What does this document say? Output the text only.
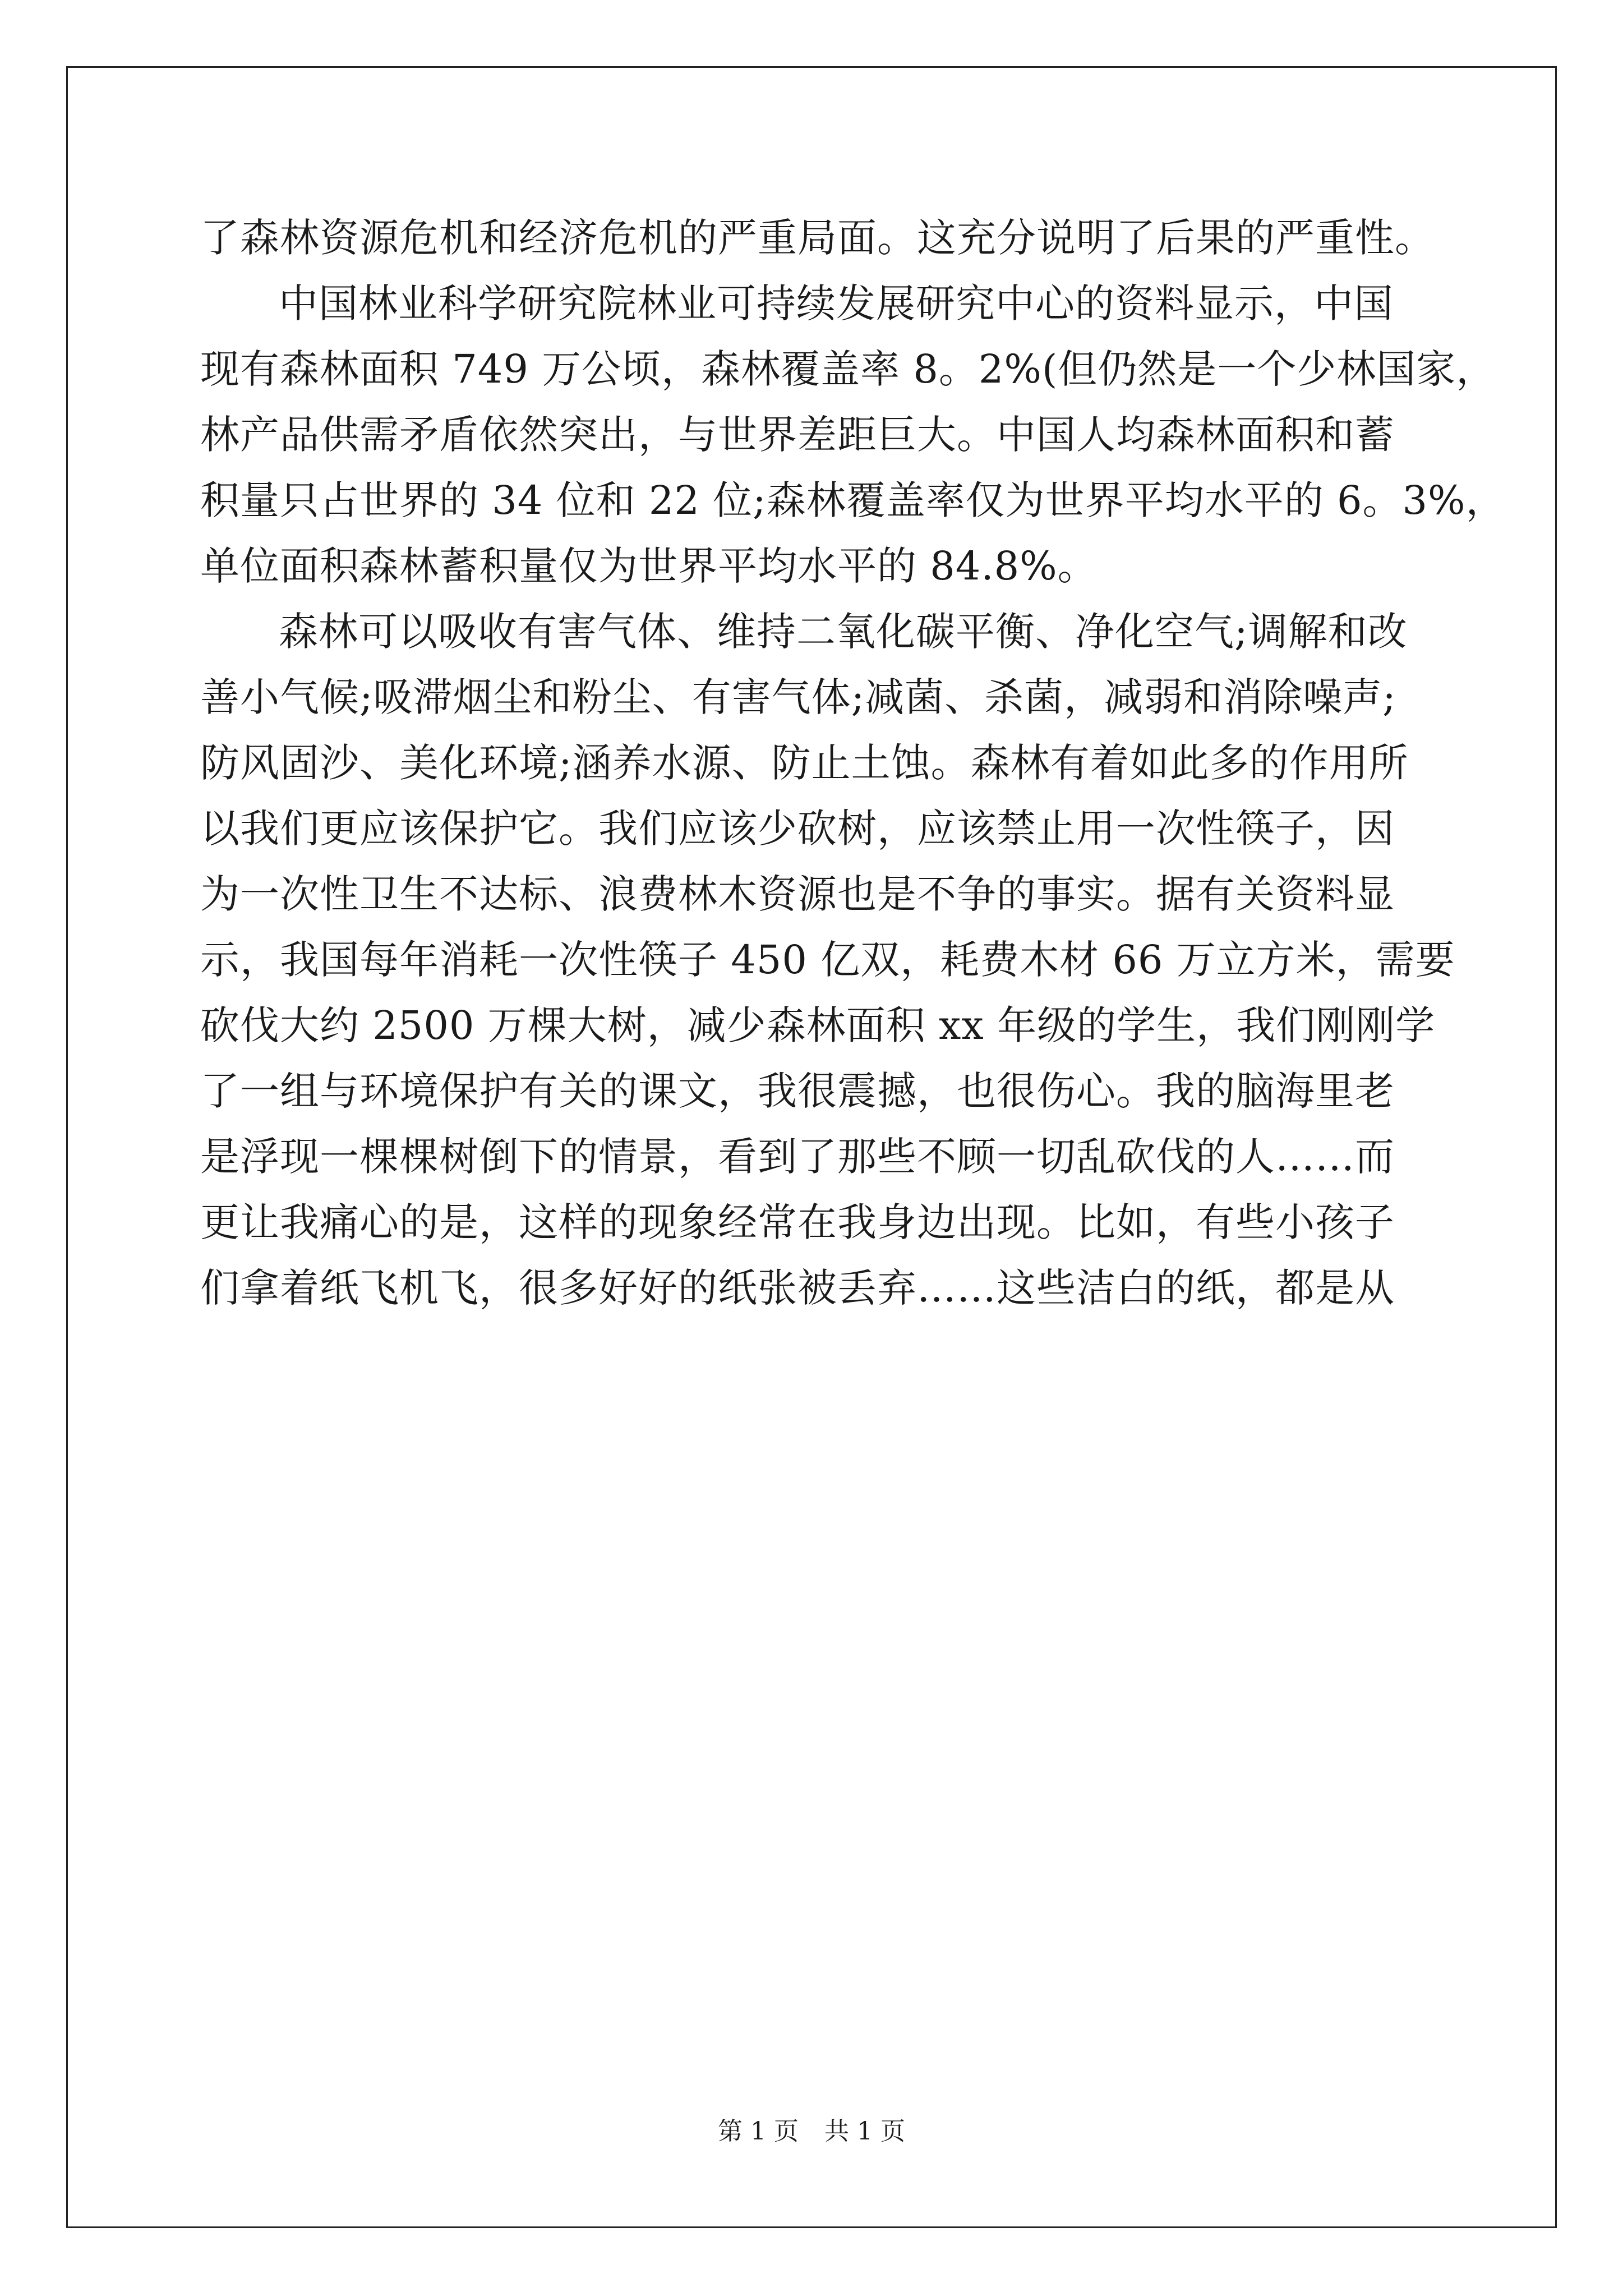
了森林资源危机和经济危机的严重局面。这充分说明了后果的严重性。
中国林业科学研究院林业可持续发展研究中心的资料显示，中国
现有森林面积 749 万公顷，森林覆盖率 8。2%(但仍然是一个少林国家，
林产品供需矛盾依然突出，与世界差距巨大。中国人均森林面积和蓄
积量只占世界的 34 位和 22 位;森林覆盖率仅为世界平均水平的 6。3%，
单位面积森林蓄积量仅为世界平均水平的 84.8%。
森林可以吸收有害气体、维持二氧化碳平衡、净化空气;调解和改
善小气候;吸滞烟尘和粉尘、有害气体;减菌、杀菌，减弱和消除噪声;
防风固沙、美化环境;涵养水源、防止土蚀。森林有着如此多的作用所
以我们更应该保护它。我们应该少砍树，应该禁止用一次性筷子，因
为一次性卫生不达标、浪费林木资源也是不争的事实。据有关资料显
示，我国每年消耗一次性筷子 450 亿双，耗费木材 66 万立方米，需要
砍伐大约 2500 万棵大树，减少森林面积 xx 年级的学生，我们刚刚学
了一组与环境保护有关的课文，我很震撼，也很伤心。我的脑海里老
是浮现一棵棵树倒下的情景，看到了那些不顾一切乱砍伐的人……而
更让我痛心的是，这样的现象经常在我身边出现。比如，有些小孩子
们拿着纸飞机飞，很多好好的纸张被丢弃……这些洁白的纸，都是从
第 1 页 共 1 页
